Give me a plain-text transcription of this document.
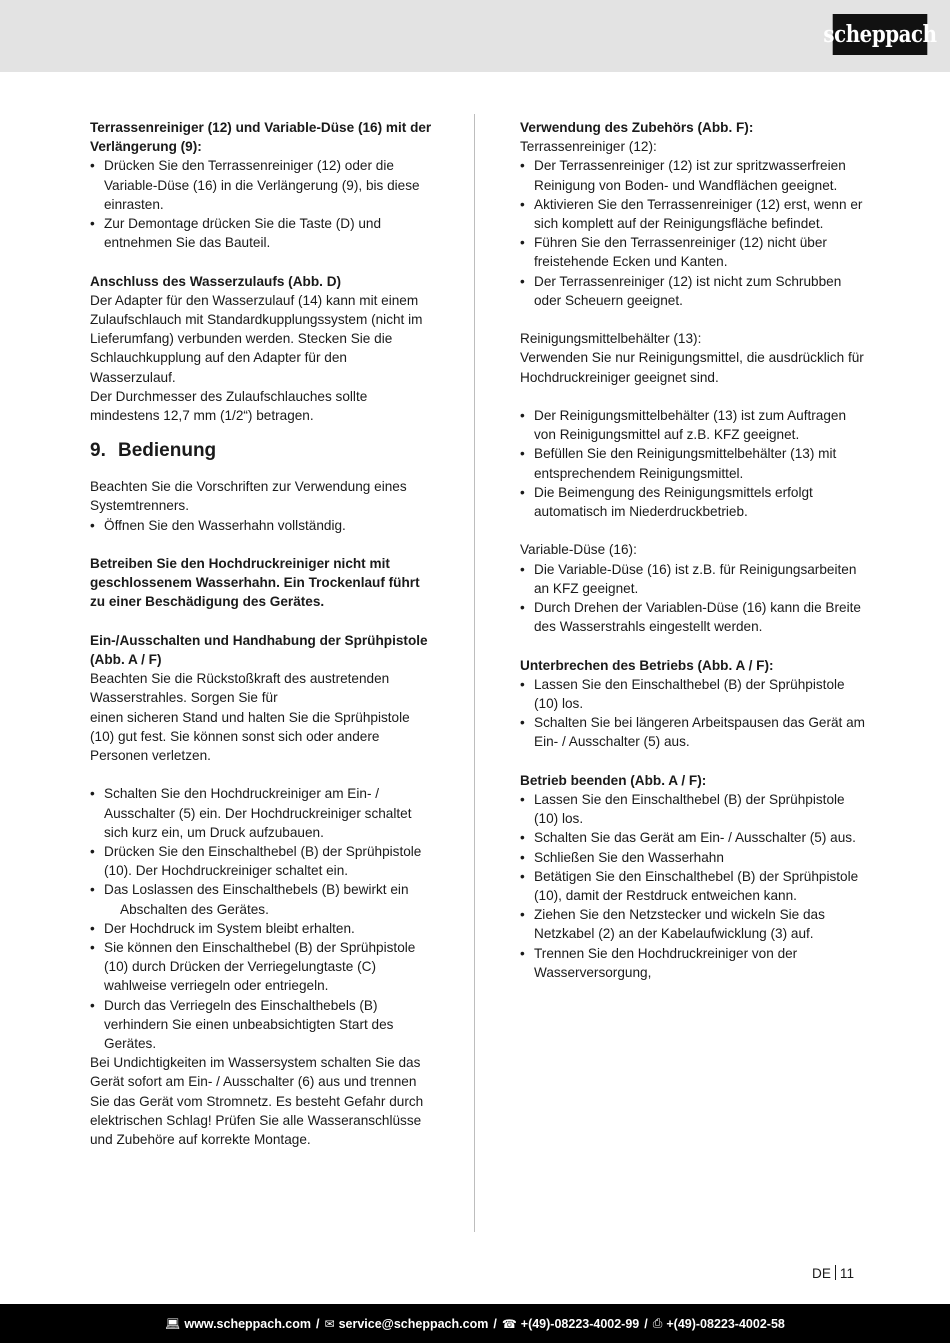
scheppach
Terrassenreiniger (12) und Variable-Düse (16) mit der Verlängerung (9):
• Drücken Sie den Terrassenreiniger (12) oder die Variable-Düse (16) in die Verlängerung (9), bis diese einrasten.
• Zur Demontage drücken Sie die Taste (D) und entnehmen Sie das Bauteil.
Anschluss des Wasserzulaufs (Abb. D)
Der Adapter für den Wasserzulauf (14) kann mit einem Zulaufschlauch mit Standardkupplungssystem (nicht im Lieferumfang) verbunden werden. Stecken Sie die Schlauchkupplung auf den Adapter für den Wasserzulauf.
Der Durchmesser des Zulaufschlauches sollte mindestens 12,7 mm (1/2“) betragen.
9. Bedienung
Beachten Sie die Vorschriften zur Verwendung eines Systemtrenners.
• Öffnen Sie den Wasserhahn vollständig.
Betreiben Sie den Hochdruckreiniger nicht mit geschlossenem Wasserhahn. Ein Trockenlauf führt zu einer Beschädigung des Gerätes.
Ein-/Ausschalten und Handhabung der Sprühpistole (Abb. A / F)
Beachten Sie die Rückstoßkraft des austretenden Wasserstrahles. Sorgen Sie für
einen sicheren Stand und halten Sie die Sprühpistole (10) gut fest. Sie können sonst sich oder andere Personen verletzen.
• Schalten Sie den Hochdruckreiniger am Ein- / Ausschalter (5) ein. Der Hochdruckreiniger schaltet sich kurz ein, um Druck aufzubauen.
• Drücken Sie den Einschalthebel (B) der Sprühpistole (10). Der Hochdruckreiniger schaltet ein.
• Das Loslassen des Einschalthebels (B) bewirkt ein
Abschalten des Gerätes.
• Der Hochdruck im System bleibt erhalten.
• Sie können den Einschalthebel (B) der Sprühpistole (10) durch Drücken der Verriegelungtaste (C) wahlweise verriegeln oder entriegeln.
• Durch das Verriegeln des Einschalthebels (B) verhindern Sie einen unbeabsichtigten Start des Gerätes.
Bei Undichtigkeiten im Wassersystem schalten Sie das Gerät sofort am Ein- / Ausschalter (6) aus und trennen Sie das Gerät vom Stromnetz. Es besteht Gefahr durch elektrischen Schlag! Prüfen Sie alle Wasseranschlüsse und Zubehöre auf korrekte Montage.
Verwendung des Zubehörs (Abb. F):
Terrassenreiniger (12):
• Der Terrassenreiniger (12) ist zur spritzwasserfreien Reinigung von Boden- und Wandflächen geeignet.
• Aktivieren Sie den Terrassenreiniger (12) erst, wenn er sich komplett auf der Reinigungsfläche befindet.
• Führen Sie den Terrassenreiniger (12) nicht über freistehende Ecken und Kanten.
• Der Terrassenreiniger (12) ist nicht zum Schrubben oder Scheuern geeignet.
Reinigungsmittelbehälter (13):
Verwenden Sie nur Reinigungsmittel, die ausdrücklich für Hochdruckreiniger geeignet sind.
• Der Reinigungsmittelbehälter (13) ist zum Auftragen von Reinigungsmittel auf z.B. KFZ geeignet.
• Befüllen Sie den Reinigungsmittelbehälter (13) mit entsprechendem Reinigungsmittel.
• Die Beimengung des Reinigungsmittels erfolgt automatisch im Niederdruckbetrieb.
Variable-Düse (16):
• Die Variable-Düse (16) ist z.B. für Reinigungsarbeiten an KFZ geeignet.
• Durch Drehen der Variablen-Düse (16) kann die Breite des Wasserstrahls eingestellt werden.
Unterbrechen des Betriebs (Abb. A / F):
• Lassen Sie den Einschalthebel (B) der Sprühpistole (10) los.
• Schalten Sie bei längeren Arbeitspausen das Gerät am Ein- / Ausschalter (5) aus.
Betrieb beenden (Abb. A / F):
• Lassen Sie den Einschalthebel (B) der Sprühpistole (10) los.
• Schalten Sie das Gerät am Ein- / Ausschalter (5) aus.
• Schließen Sie den Wasserhahn
• Betätigen Sie den Einschalthebel (B) der Sprühpistole (10), damit der Restdruck entweichen kann.
• Ziehen Sie den Netzstecker und wickeln Sie das Netzkabel (2) an der Kabelaufwicklung (3) auf.
• Trennen Sie den Hochdruckreiniger von der Wasserversorgung,
DE 11
💻︎ www.scheppach.com / ✉︎ service@scheppach.com / ☎︎ +(49)-08223-4002-99 / ⎙ +(49)-08223-4002-58
